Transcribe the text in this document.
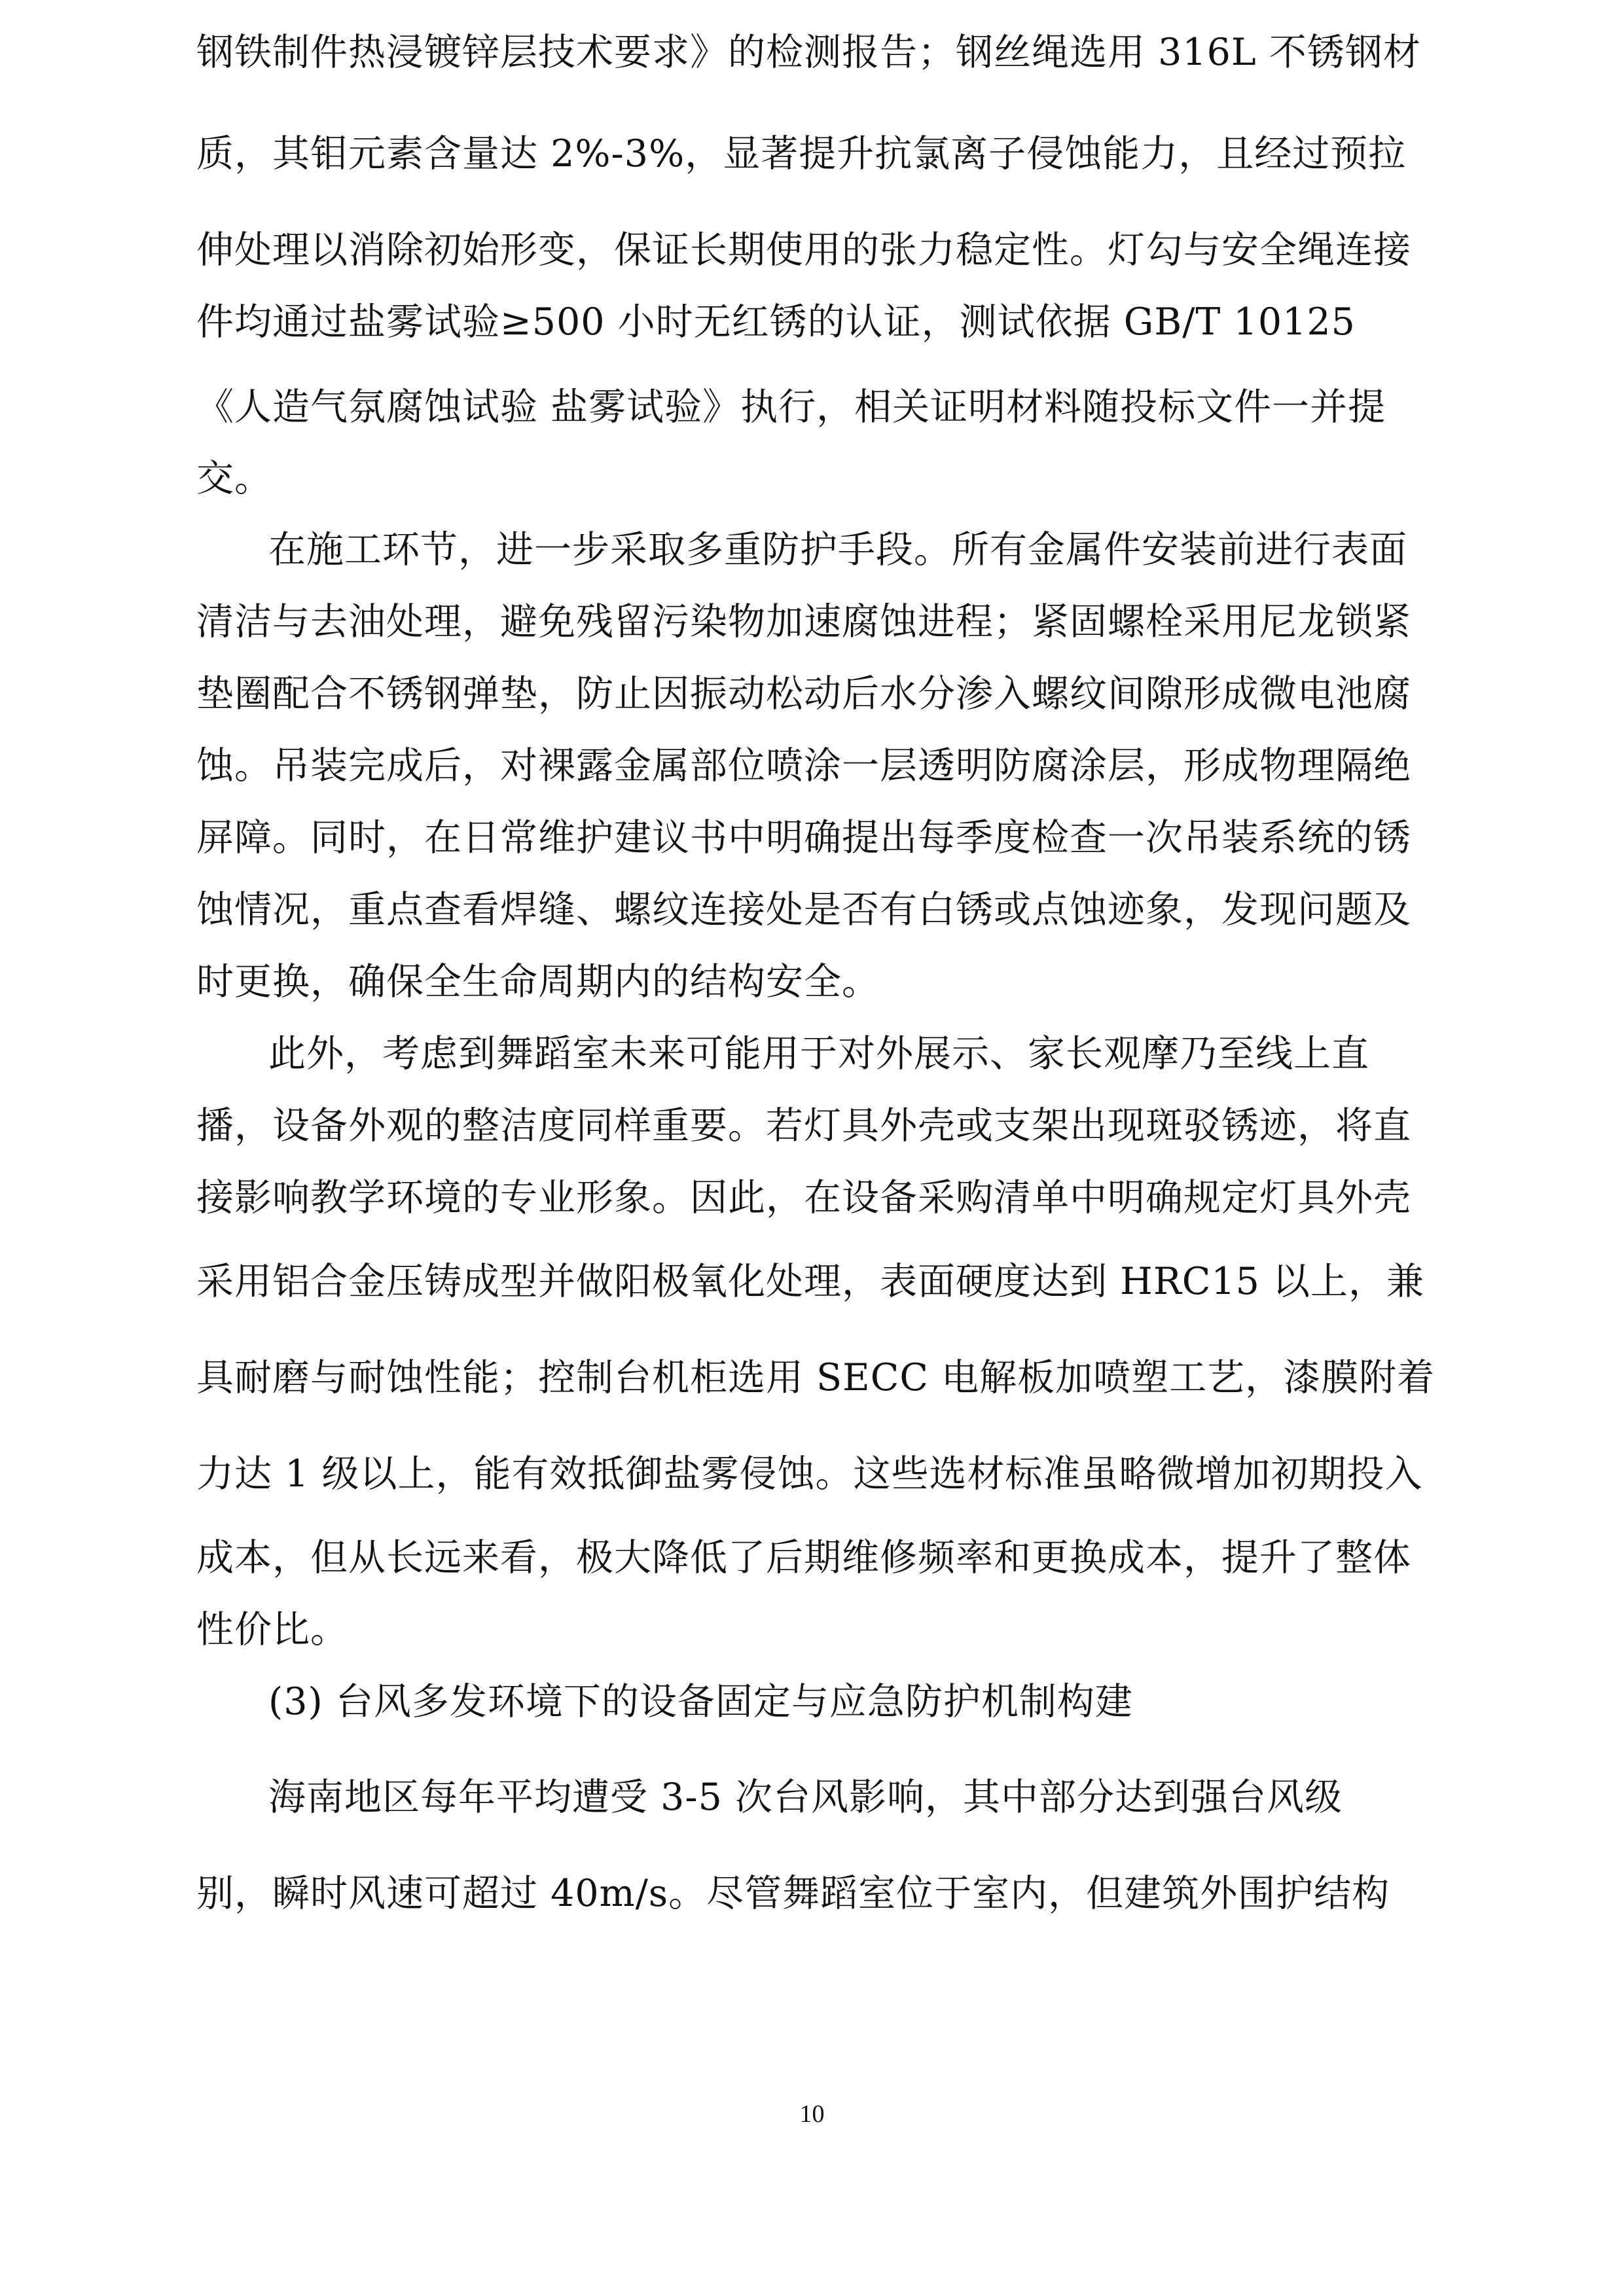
钢铁制件热浸镀锌层技术要求》的检测报告；钢丝绳选用 316L 不锈钢材
质，其钼元素含量达 2%-3%，显著提升抗氯离子侵蚀能力，且经过预拉
伸处理以消除初始形变，保证长期使用的张力稳定性。灯勾与安全绳连接
件均通过盐雾试验≥500 小时无红锈的认证，测试依据 GB/T 10125
《人造气氛腐蚀试验 盐雾试验》执行，相关证明材料随投标文件一并提
交。
在施工环节，进一步采取多重防护手段。所有金属件安装前进行表面
清洁与去油处理，避免残留污染物加速腐蚀进程；紧固螺栓采用尼龙锁紧
垫圈配合不锈钢弹垫，防止因振动松动后水分渗入螺纹间隙形成微电池腐
蚀。吊装完成后，对裸露金属部位喷涂一层透明防腐涂层，形成物理隔绝
屏障。同时，在日常维护建议书中明确提出每季度检查一次吊装系统的锈
蚀情况，重点查看焊缝、螺纹连接处是否有白锈或点蚀迹象，发现问题及
时更换，确保全生命周期内的结构安全。
此外，考虑到舞蹈室未来可能用于对外展示、家长观摩乃至线上直
播，设备外观的整洁度同样重要。若灯具外壳或支架出现斑驳锈迹，将直
接影响教学环境的专业形象。因此，在设备采购清单中明确规定灯具外壳
采用铝合金压铸成型并做阳极氧化处理，表面硬度达到 HRC15 以上，兼
具耐磨与耐蚀性能；控制台机柜选用 SECC 电解板加喷塑工艺，漆膜附着
力达 1 级以上，能有效抵御盐雾侵蚀。这些选材标准虽略微增加初期投入
成本，但从长远来看，极大降低了后期维修频率和更换成本，提升了整体
性价比。
(3) 台风多发环境下的设备固定与应急防护机制构建
海南地区每年平均遭受 3-5 次台风影响，其中部分达到强台风级
别，瞬时风速可超过 40m/s。尽管舞蹈室位于室内，但建筑外围护结构
10
